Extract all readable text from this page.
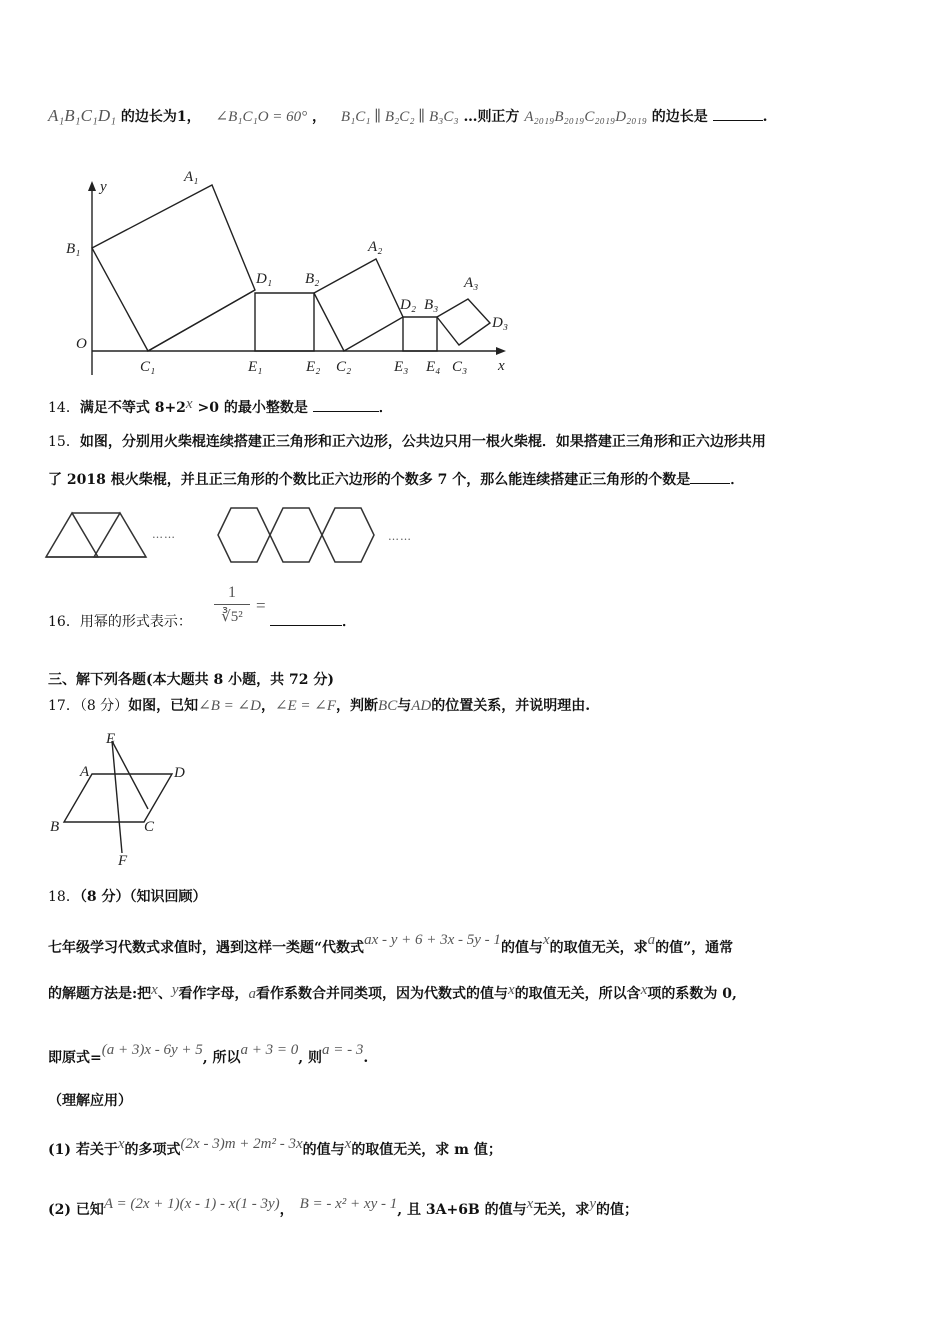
A₁B₁C₁D₁ 的边长为1， ∠B₁C₁O = 60° ， B₁C₁ ∥ B₂C₂ ∥ B₃C₃ …则正方 A₂₀₁₉B₂₀₁₉C₂₀₁₉D₂₀₁₉ 的边长是	.
y
x
O
A₁
B₁
C₁
D₁
E₁
B₂
E₂ C₂
A₂
D₂ B₃
E₃ E₄ C₃
A₃
D₃
14．满足不等式 8+2x >0 的最小整数是	．
15．如图，分别用火柴棍连续搭建正三角形和正六边形，公共边只用一根火柴棍．如果搭建正三角形和正六边形共用
了 2018 根火柴棍，并且正三角形的个数比正六边形的个数多 7 个，那么能连续搭建正三角形的个数是	．
……	……
16．用幂的形式表示：
1
∛5²
=
．
三、解下列各题(本大题共 8 小题，共 72 分)
17．（8 分）如图，已知∠B = ∠D，∠E = ∠F，判断BC与AD的位置关系，并说明理由.
E
A	D
B	C
F
18．（8 分）（知识回顾）
七年级学习代数式求值时，遇到这样一类题“代数式ax - y + 6 + 3x - 5y - 1的值与x的取值无关，求a的值”，通常
的解题方法是:把x、y看作字母，a看作系数合并同类项，因为代数式的值与x的取值无关，所以含x项的系数为 0,
即原式=(a + 3)x - 6y + 5, 所以a + 3 = 0, 则a = - 3.
（理解应用）
(1) 若关于x的多项式(2x - 3)m + 2m² - 3x的值与x的取值无关，求 m 值；
(2) 已知A = (2x + 1)(x - 1) - x(1 - 3y)， B = - x² + xy - 1, 且 3A+6B 的值与x无关，求y的值；
